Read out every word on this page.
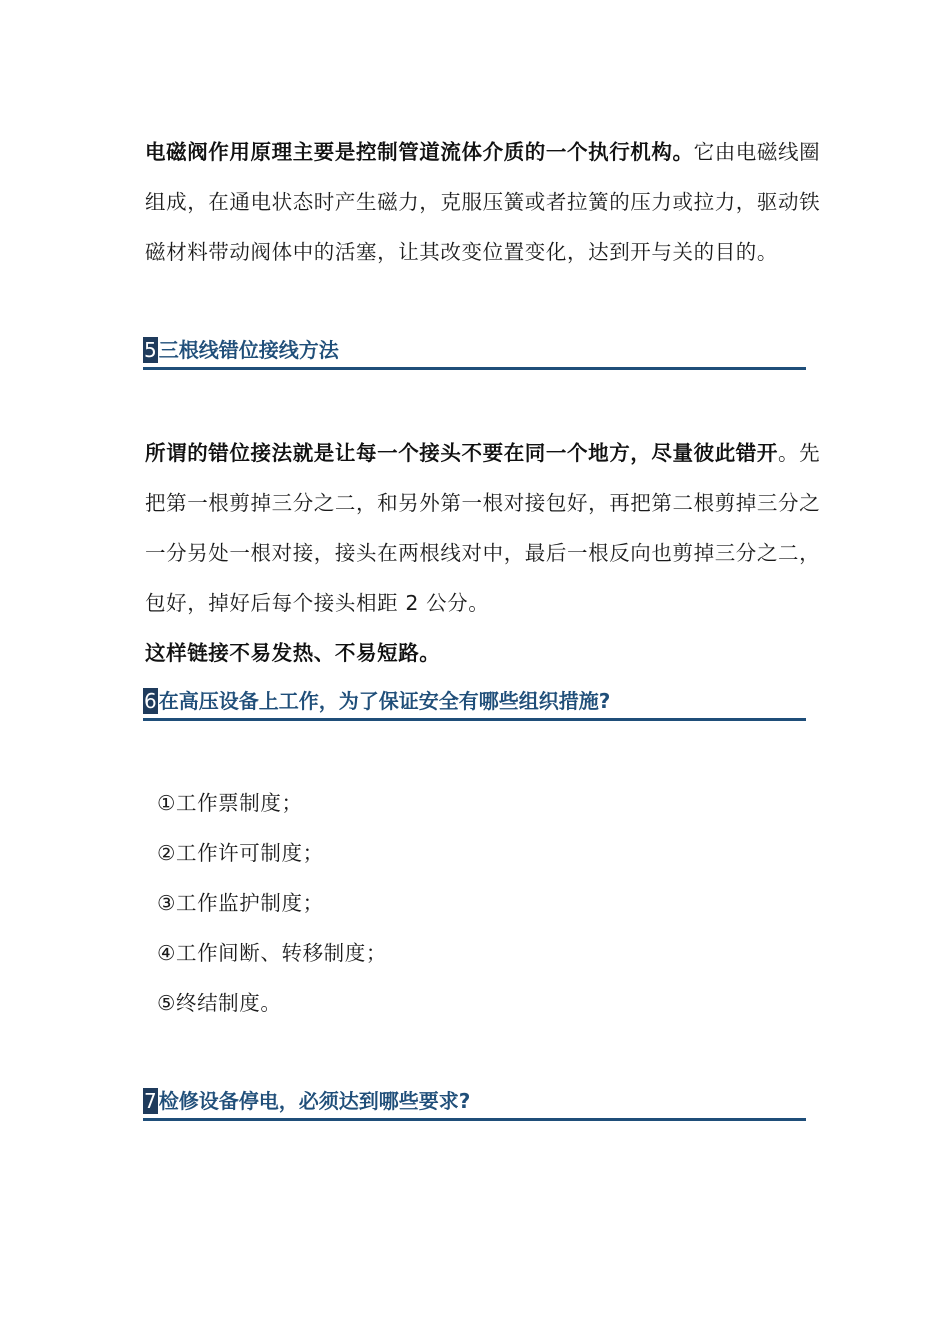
电磁阀作用原理主要是控制管道流体介质的一个执行机构。它由电磁线圈组成，在通电状态时产生磁力，克服压簧或者拉簧的压力或拉力，驱动铁磁材料带动阀体中的活塞，让其改变位置变化，达到开与关的目的。

5 三根线错位接线方法

所谓的错位接法就是让每一个接头不要在同一个地方，尽量彼此错开。先把第一根剪掉三分之二，和另外第一根对接包好，再把第二根剪掉三分之一分另处一根对接，接头在两根线对中，最后一根反向也剪掉三分之二，包好，掉好后每个接头相距 2 公分。
这样链接不易发热、不易短路。

6 在高压设备上工作，为了保证安全有哪些组织措施?
①工作票制度；
②工作许可制度；
③工作监护制度；
④工作间断、转移制度；
⑤终结制度。
7 检修设备停电，必须达到哪些要求?
